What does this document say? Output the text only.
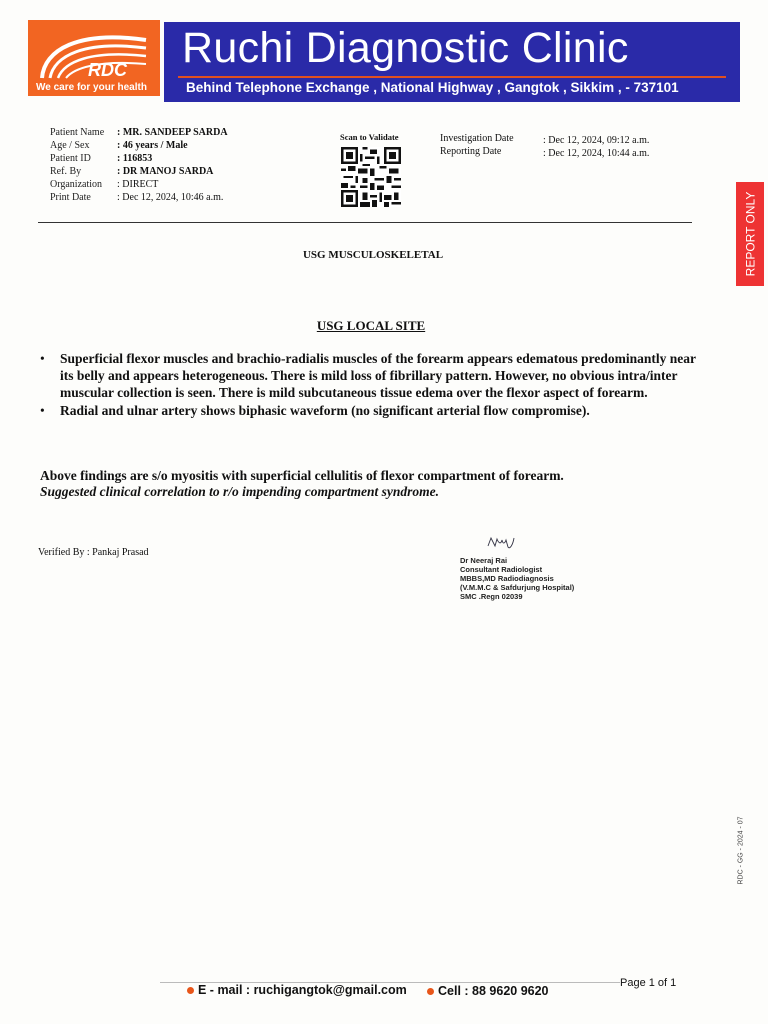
RDC
We care for your health
Ruchi Diagnostic Clinic
Behind Telephone Exchange , National Highway , Gangtok , Sikkim , - 737101
Patient Name : MR. SANDEEP SARDA
Age / Sex	: 46 years / Male
Patient ID	: 116853
Ref. By	: DR MANOJ SARDA
Organization : DIRECT
Print Date	: Dec 12, 2024, 10:46 a.m.
Scan to Validate	Investigation Date	: Dec 12, 2024, 09:12 a.m.
Reporting Date	: Dec 12, 2024, 10:44 a.m.
REPORT ONLY
USG MUSCULOSKELETAL
USG LOCAL SITE
• Superficial flexor muscles and brachio-radialis muscles of the forearm appears edematous predominantly near its belly and appears heterogeneous. There is mild loss of fibrillary pattern. However, no obvious intra/inter muscular collection is seen. There is mild subcutaneous tissue edema over the flexor aspect of forearm.
• Radial and ulnar artery shows biphasic waveform (no significant arterial flow compromise).
Above findings are s/o myositis with superficial cellulitis of flexor compartment of forearm.
Suggested clinical correlation to r/o impending compartment syndrome.
Verified By : Pankaj Prasad
Dr Neeraj Rai
Consultant Radiologist
MBBS,MD Radiodiagnosis
(V.M.M.C & Safdurjung Hospital)
SMC .Regn 02039
RDC - GG - 2024 - 07
Page 1 of 1
E - mail : ruchigangtok@gmail.com	Cell : 88 9620 9620
